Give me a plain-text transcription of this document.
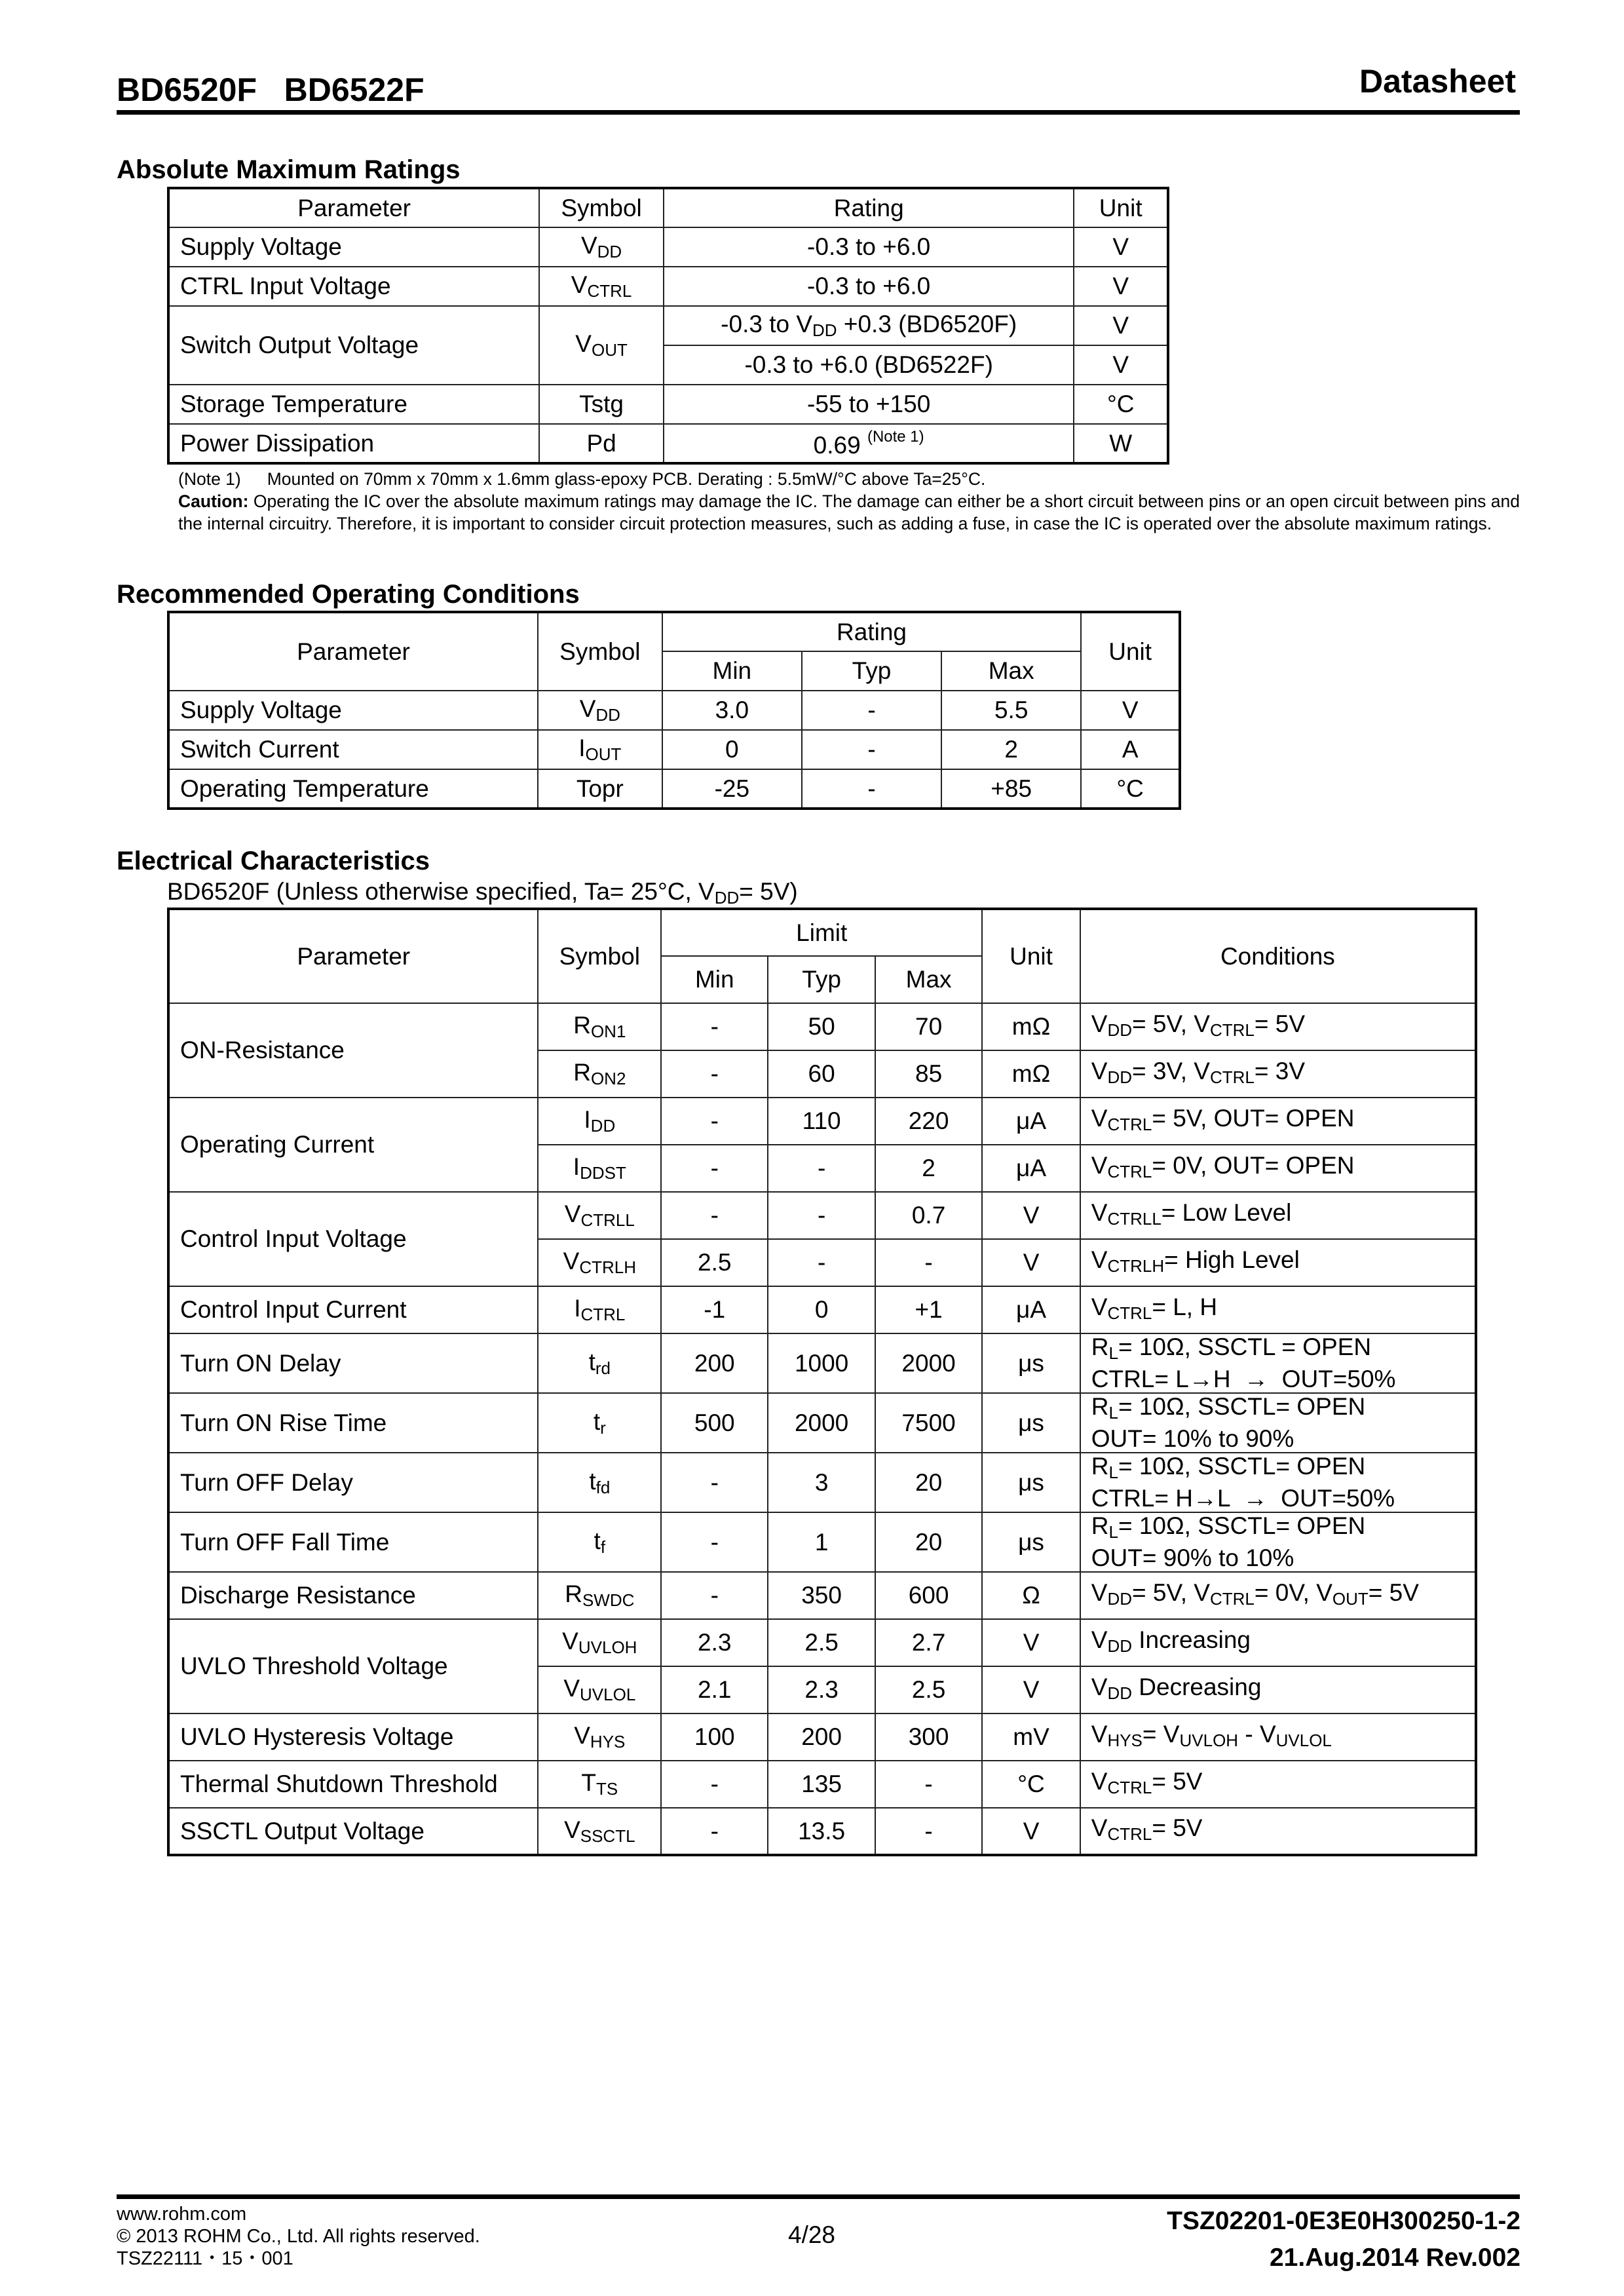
BD6520F   BD6522F	Datasheet
Absolute Maximum Ratings
Parameter	Symbol	Rating	Unit
Supply Voltage	$V_{DD}$	-0.3 to +6.0	V
CTRL Input Voltage	$V_{CTRL}$	-0.3 to +6.0	V
Switch Output Voltage	$V_{OUT}$	-0.3 to $V_{DD} +0.3$ (BD6520F)	V
		-0.3 to +6.0 (BD6522F)	V
Storage Temperature	Tstg	-55 to +150	°C
Power Dissipation	Pd	0.69 $^{(Note 1)}$	W
(Note 1) Mounted on 70mm x 70mm x 1.6mm glass-epoxy PCB. Derating : 5.5mW/°C above Ta=25°C.
Caution: Operating the IC over the absolute maximum ratings may damage the IC. The damage can either be a short circuit between pins or an open circuit between pins and the internal circuitry. Therefore, it is important to consider circuit protection measures, such as adding a fuse, in case the IC is operated over the absolute maximum ratings.
Recommended Operating Conditions
Parameter	Symbol	Rating			Unit
		Min	Typ	Max	
Supply Voltage	$V_{DD}$	3.0	-	5.5	V
Switch Current	$I_{OUT}$	0	-	2	A
Operating Temperature	Topr	-25	-	+85	°C
Electrical Characteristics
BD6520F (Unless otherwise specified, Ta= 25°C, $V_{DD}= 5V$)
Parameter	Symbol	Limit			Unit	Conditions
		Min	Typ	Max		
ON-Resistance	$R_{ON1}$	-	50	70	mΩ	$V_{DD}= 5V$, $V_{CTRL}= 5V$
	$R_{ON2}$	-	60	85	mΩ	$V_{DD}= 3V$, $V_{CTRL}= 3V$
Operating Current	$I_{DD}$	-	110	220	μA	$V_{CTRL}= 5V$, OUT= OPEN
	$I_{DDST}$	-	-	2	μA	$V_{CTRL}= 0V$, OUT= OPEN
Control Input Voltage	$V_{CTRLL}$	-	-	0.7	V	$V_{CTRLL}=$ Low Level
	$V_{CTRLH}$	2.5	-	-	V	$V_{CTRLH}=$ High Level
Control Input Current	$I_{CTRL}$	-1	0	+1	μA	$V_{CTRL}= L$, H
Turn ON Delay	$t_{rd}$	200	1000	2000	μs	$R_L= 10\Omega$, SSCTL = OPEN
CTRL= L→H  →  OUT=50%
Turn ON Rise Time	$t_r$	500	2000	7500	μs	$R_L= 10\Omega$, SSCTL= OPEN
OUT= 10% to 90%
Turn OFF Delay	$t_{fd}$	-	3	20	μs	$R_L= 10\Omega$, SSCTL= OPEN
CTRL= H→L  →  OUT=50%
Turn OFF Fall Time	$t_f$	-	1	20	μs	$R_L= 10\Omega$, SSCTL= OPEN
OUT= 90% to 10%
Discharge Resistance	$R_{SWDC}$	-	350	600	Ω	$V_{DD}= 5V$, $V_{CTRL}= 0V$, $V_{OUT}= 5V$
UVLO Threshold Voltage	$V_{UVLOH}$	2.3	2.5	2.7	V	$V_{DD}$ Increasing
	$V_{UVLOL}$	2.1	2.3	2.5	V	$V_{DD}$ Decreasing
UVLO Hysteresis Voltage	$V_{HYS}$	100	200	300	mV	$V_{HYS}= V_{UVLOH} - V_{UVLOL}$
Thermal Shutdown Threshold	$T_{TS}$	-	135	-	°C	$V_{CTRL}= 5V$
SSCTL Output Voltage	$V_{SSCTL}$	-	13.5	-	V	$V_{CTRL}= 5V$
www.rohm.com
© 2013 ROHM Co., Ltd. All rights reserved.
TSZ22111・15・001
4/28	TSZ02201-0E3E0H300250-1-2
21.Aug.2014 Rev.002
